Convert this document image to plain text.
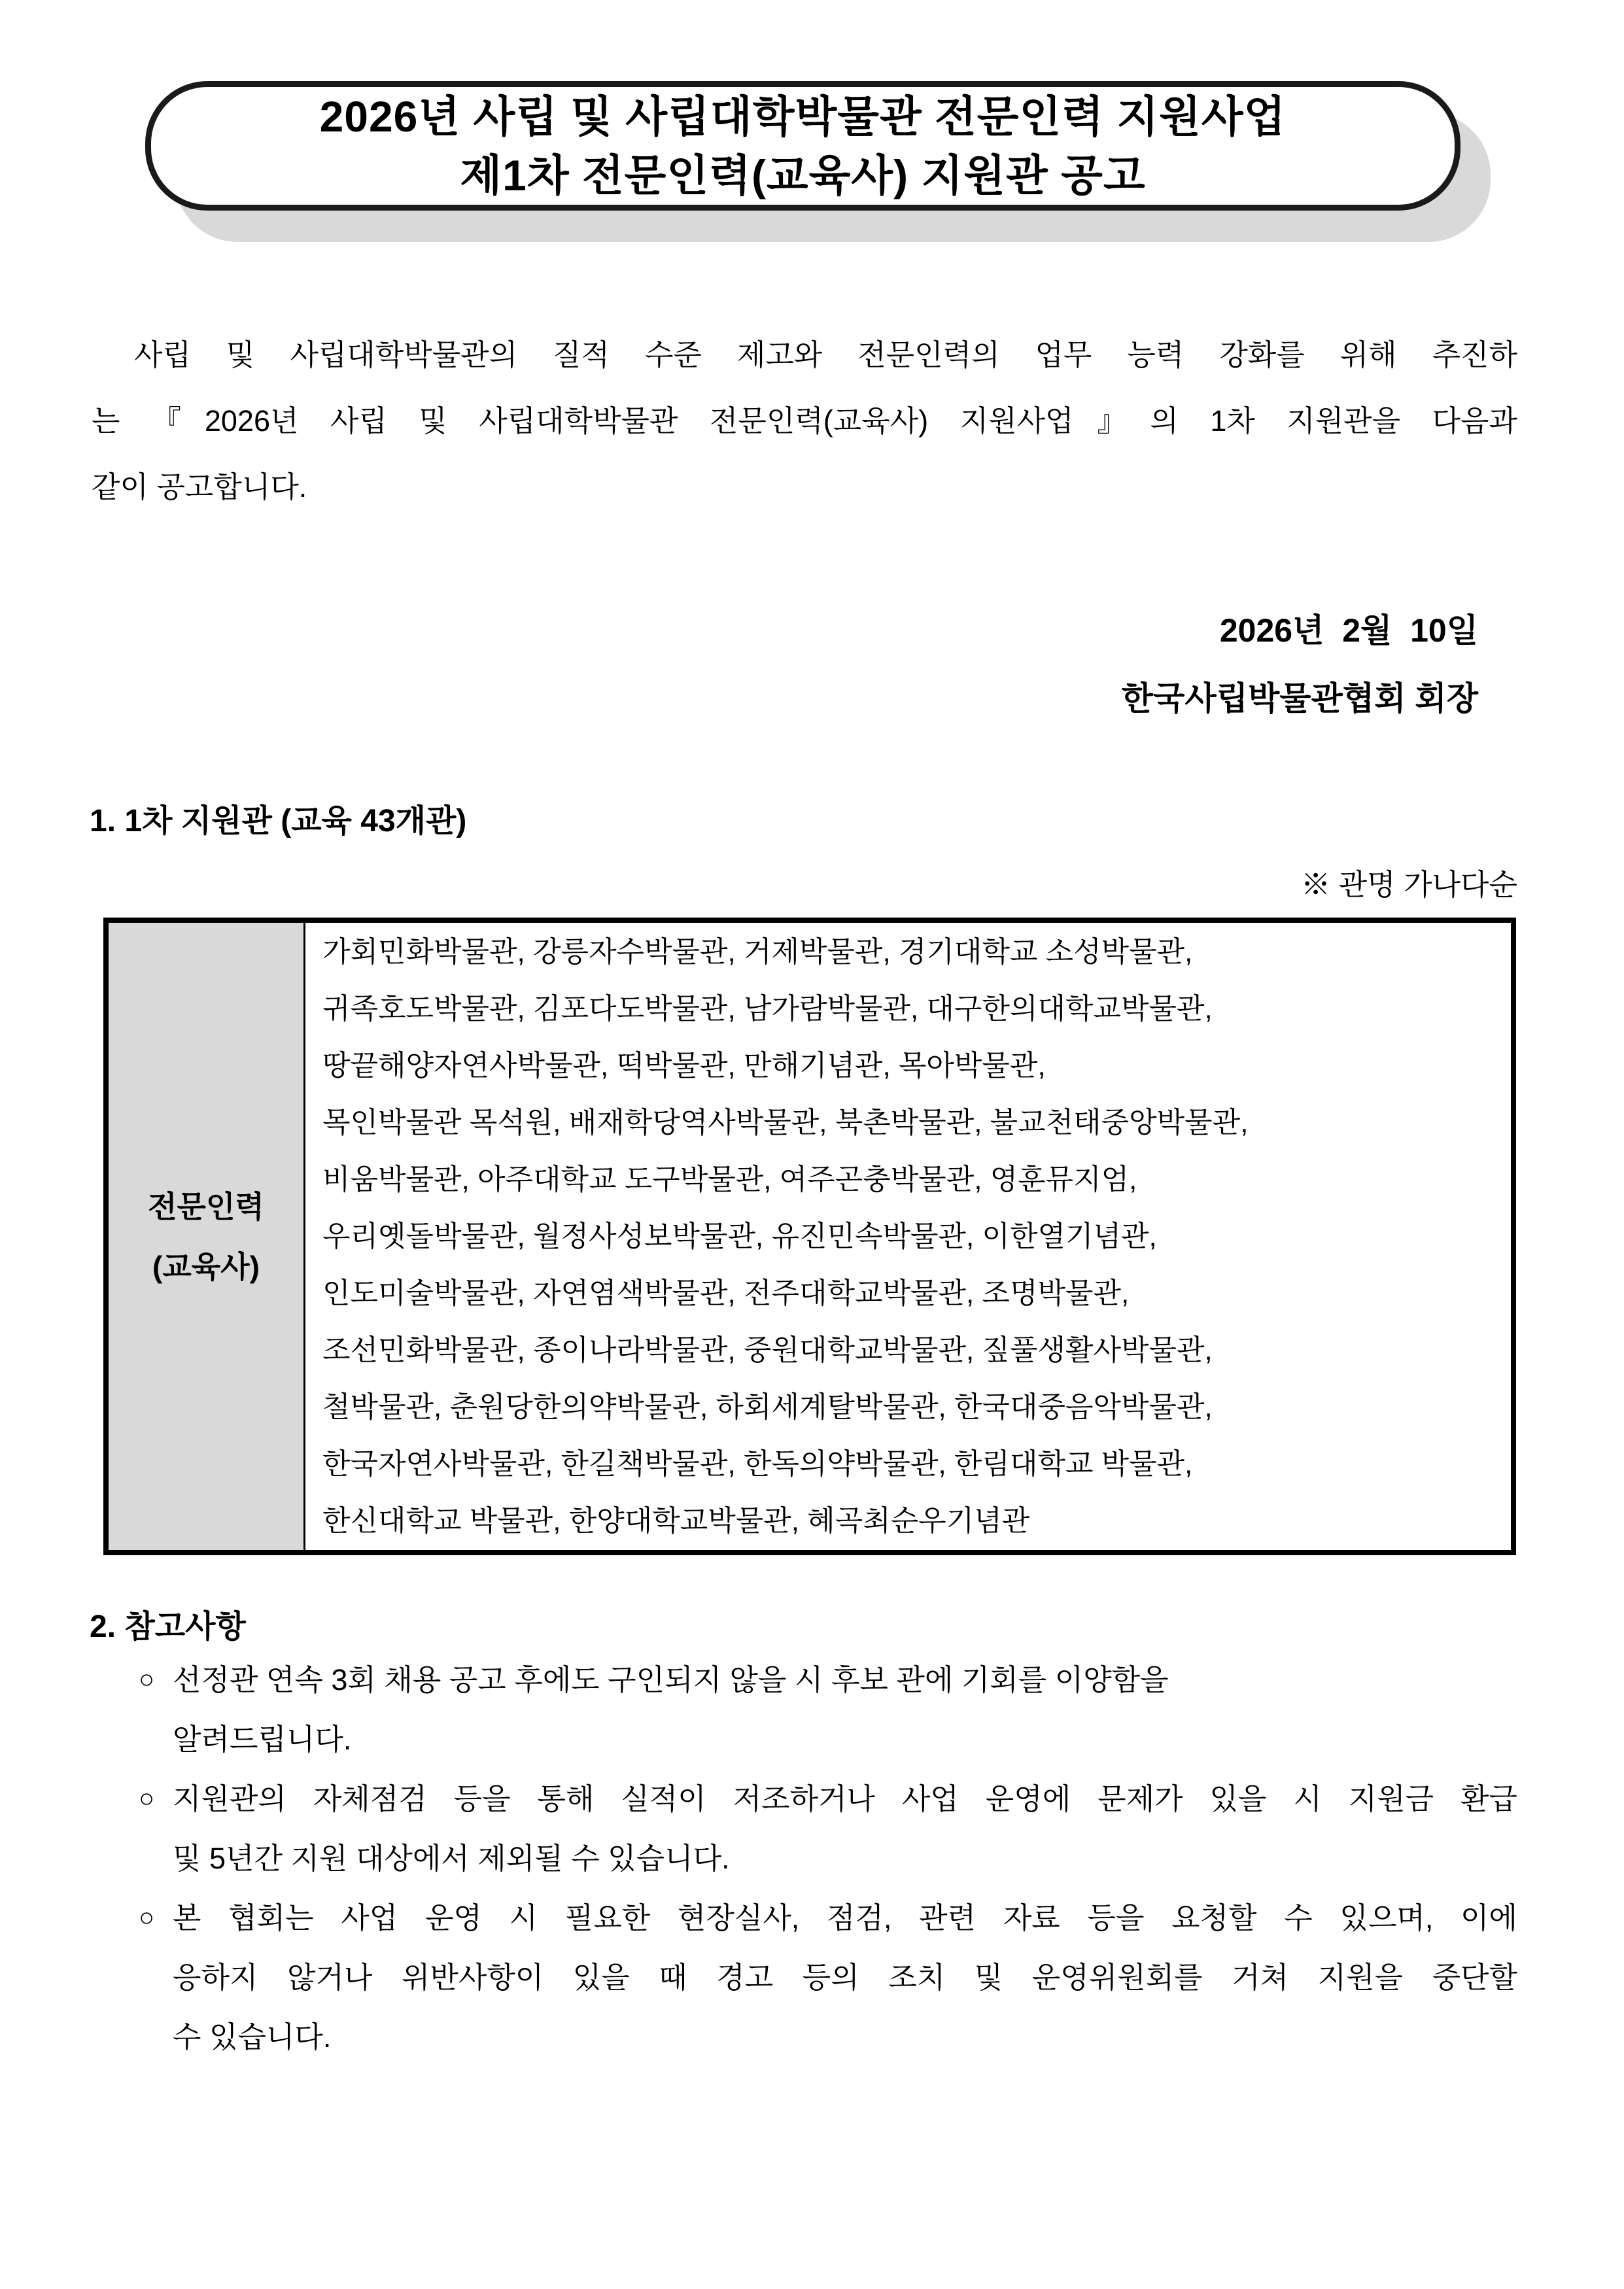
2026년 사립 및 사립대학박물관 전문인력 지원사업
제1차 전문인력(교육사) 지원관 공고
사립 및 사립대학박물관의 질적 수준 제고와 전문인력의 업무 능력 강화를 위해 추진하
는 『2026년 사립 및 사립대학박물관 전문인력(교육사) 지원사업』의 1차 지원관을 다음과
같이 공고합니다.
2026년  2월  10일
한국사립박물관협회 회장
1. 1차 지원관 (교육 43개관)
※ 관명 가나다순
전문인력
(교육사)
가회민화박물관, 강릉자수박물관, 거제박물관, 경기대학교 소성박물관,
귀족호도박물관, 김포다도박물관, 남가람박물관, 대구한의대학교박물관,
땅끝해양자연사박물관, 떡박물관, 만해기념관, 목아박물관,
목인박물관 목석원, 배재학당역사박물관, 북촌박물관, 불교천태중앙박물관,
비움박물관, 아주대학교 도구박물관, 여주곤충박물관, 영훈뮤지엄,
우리옛돌박물관, 월정사성보박물관, 유진민속박물관, 이한열기념관,
인도미술박물관, 자연염색박물관, 전주대학교박물관, 조명박물관,
조선민화박물관, 종이나라박물관, 중원대학교박물관, 짚풀생활사박물관,
철박물관, 춘원당한의약박물관, 하회세계탈박물관, 한국대중음악박물관,
한국자연사박물관, 한길책박물관, 한독의약박물관, 한림대학교 박물관,
한신대학교 박물관, 한양대학교박물관, 혜곡최순우기념관
2. 참고사항
○ 선정관 연속 3회 채용 공고 후에도 구인되지 않을 시 후보 관에 기회를 이양함을
알려드립니다.
○ 지원관의 자체점검 등을 통해 실적이 저조하거나 사업 운영에 문제가 있을 시 지원금 환급
및 5년간 지원 대상에서 제외될 수 있습니다.
○ 본 협회는 사업 운영 시 필요한 현장실사, 점검, 관련 자료 등을 요청할 수 있으며, 이에
응하지 않거나 위반사항이 있을 때 경고 등의 조치 및 운영위원회를 거쳐 지원을 중단할
수 있습니다.
